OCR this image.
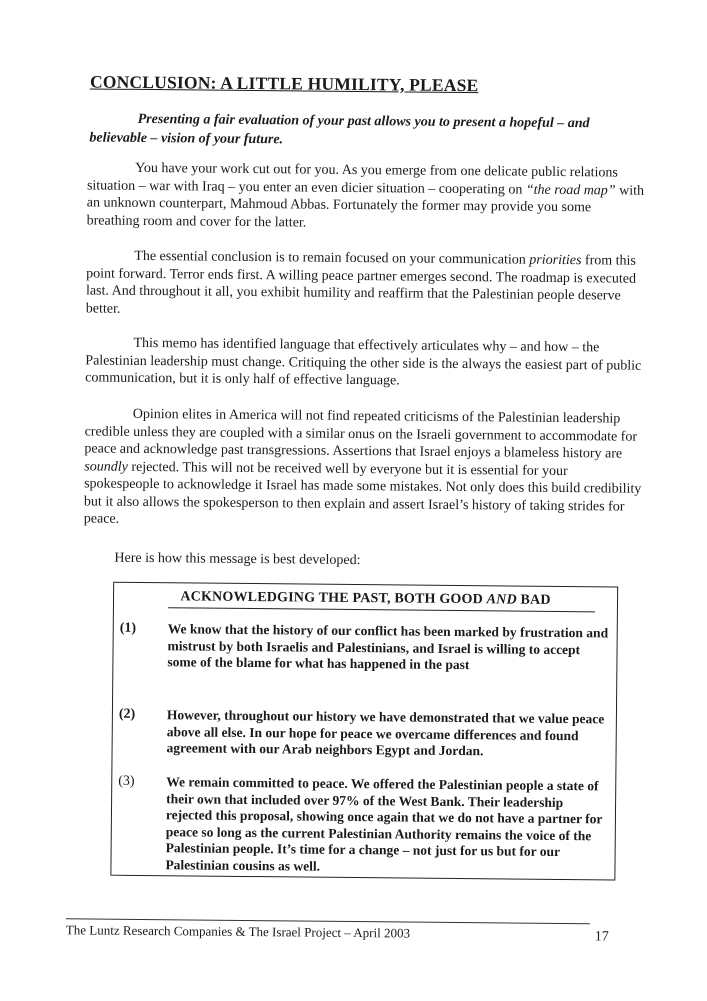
CONCLUSION: A LITTLE HUMILITY, PLEASE
Presenting a fair evaluation of your past allows you to present a hopeful – and believable – vision of your future.
You have your work cut out for you. As you emerge from one delicate public relations situation – war with Iraq – you enter an even dicier situation – cooperating on “the road map” with an unknown counterpart, Mahmoud Abbas. Fortunately the former may provide you some breathing room and cover for the latter.
The essential conclusion is to remain focused on your communication priorities from this point forward. Terror ends first. A willing peace partner emerges second. The roadmap is executed last. And throughout it all, you exhibit humility and reaffirm that the Palestinian people deserve better.
This memo has identified language that effectively articulates why – and how – the Palestinian leadership must change. Critiquing the other side is the always the easiest part of public communication, but it is only half of effective language.
Opinion elites in America will not find repeated criticisms of the Palestinian leadership credible unless they are coupled with a similar onus on the Israeli government to accommodate for peace and acknowledge past transgressions. Assertions that Israel enjoys a blameless history are soundly rejected. This will not be received well by everyone but it is essential for your spokespeople to acknowledge it Israel has made some mistakes. Not only does this build credibility but it also allows the spokesperson to then explain and assert Israel’s history of taking strides for peace.
Here is how this message is best developed:
ACKNOWLEDGING THE PAST, BOTH GOOD AND BAD
(1) We know that the history of our conflict has been marked by frustration and mistrust by both Israelis and Palestinians, and Israel is willing to accept some of the blame for what has happened in the past
(2) However, throughout our history we have demonstrated that we value peace above all else. In our hope for peace we overcame differences and found agreement with our Arab neighbors Egypt and Jordan.
(3) We remain committed to peace. We offered the Palestinian people a state of their own that included over 97% of the West Bank. Their leadership rejected this proposal, showing once again that we do not have a partner for peace so long as the current Palestinian Authority remains the voice of the Palestinian people. It’s time for a change – not just for us but for our Palestinian cousins as well.
The Luntz Research Companies & The Israel Project – April 2003	17
